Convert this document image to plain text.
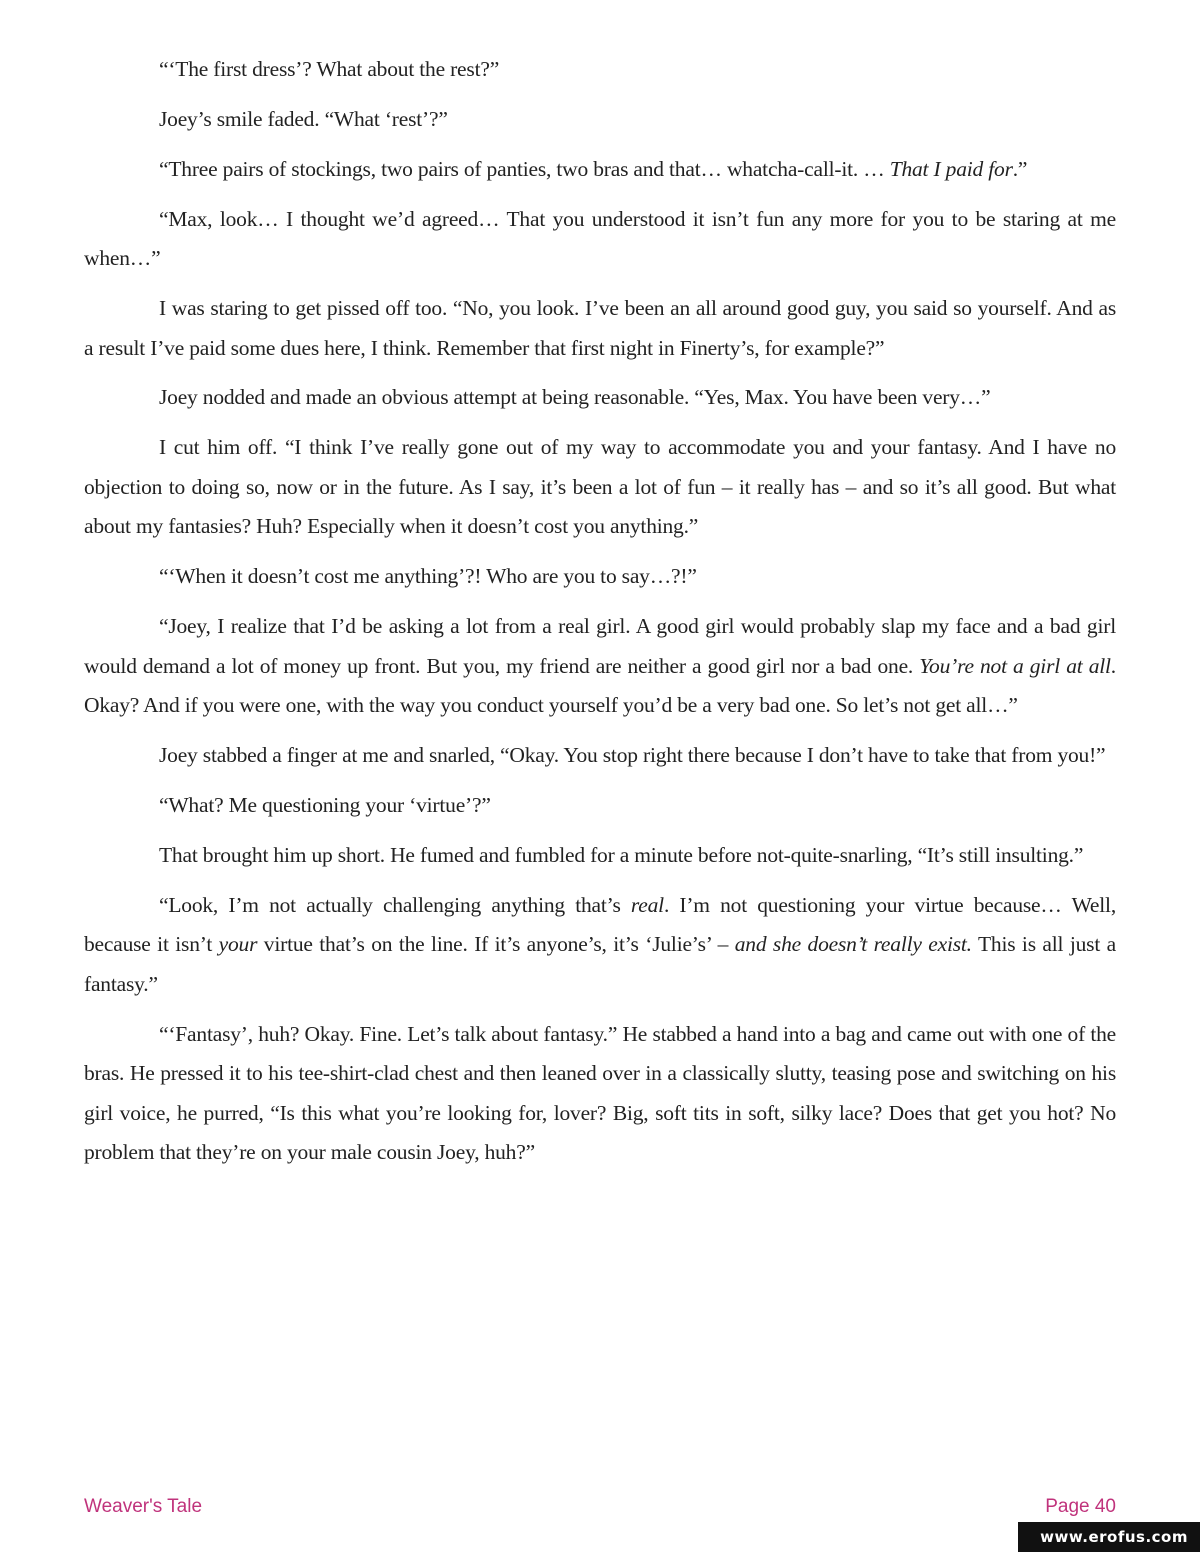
“‘The first dress’? What about the rest?”

Joey’s smile faded. “What ‘rest’?”

“Three pairs of stockings, two pairs of panties, two bras and that… whatcha-call-it. … That I paid for.”

“Max, look… I thought we’d agreed… That you understood it isn’t fun any more for you to be staring at me when…”

I was staring to get pissed off too. “No, you look. I’ve been an all around good guy, you said so yourself. And as a result I’ve paid some dues here, I think. Remember that first night in Finerty’s, for example?”

Joey nodded and made an obvious attempt at being reasonable. “Yes, Max. You have been very…”

I cut him off. “I think I’ve really gone out of my way to accommodate you and your fantasy. And I have no objection to doing so, now or in the future. As I say, it’s been a lot of fun – it really has – and so it’s all good. But what about my fantasies? Huh? Especially when it doesn’t cost you anything.”

“‘When it doesn’t cost me anything’?! Who are you to say…?!”

“Joey, I realize that I’d be asking a lot from a real girl. A good girl would probably slap my face and a bad girl would demand a lot of money up front. But you, my friend are neither a good girl nor a bad one. You’re not a girl at all. Okay? And if you were one, with the way you conduct yourself you’d be a very bad one. So let’s not get all…”

Joey stabbed a finger at me and snarled, “Okay. You stop right there because I don’t have to take that from you!”

“What? Me questioning your ‘virtue’?”

That brought him up short. He fumed and fumbled for a minute before not-quite-snarling, “It’s still insulting.”

“Look, I’m not actually challenging anything that’s real. I’m not questioning your virtue because… Well, because it isn’t your virtue that’s on the line. If it’s anyone’s, it’s ‘Julie’s’ – and she doesn’t really exist. This is all just a fantasy.”

“‘Fantasy’, huh? Okay. Fine. Let’s talk about fantasy.” He stabbed a hand into a bag and came out with one of the bras. He pressed it to his tee-shirt-clad chest and then leaned over in a classically slutty, teasing pose and switching on his girl voice, he purred, “Is this what you’re looking for, lover? Big, soft tits in soft, silky lace? Does that get you hot? No problem that they’re on your male cousin Joey, huh?”

Weaver's Tale	Page 40
www.erofus.com
